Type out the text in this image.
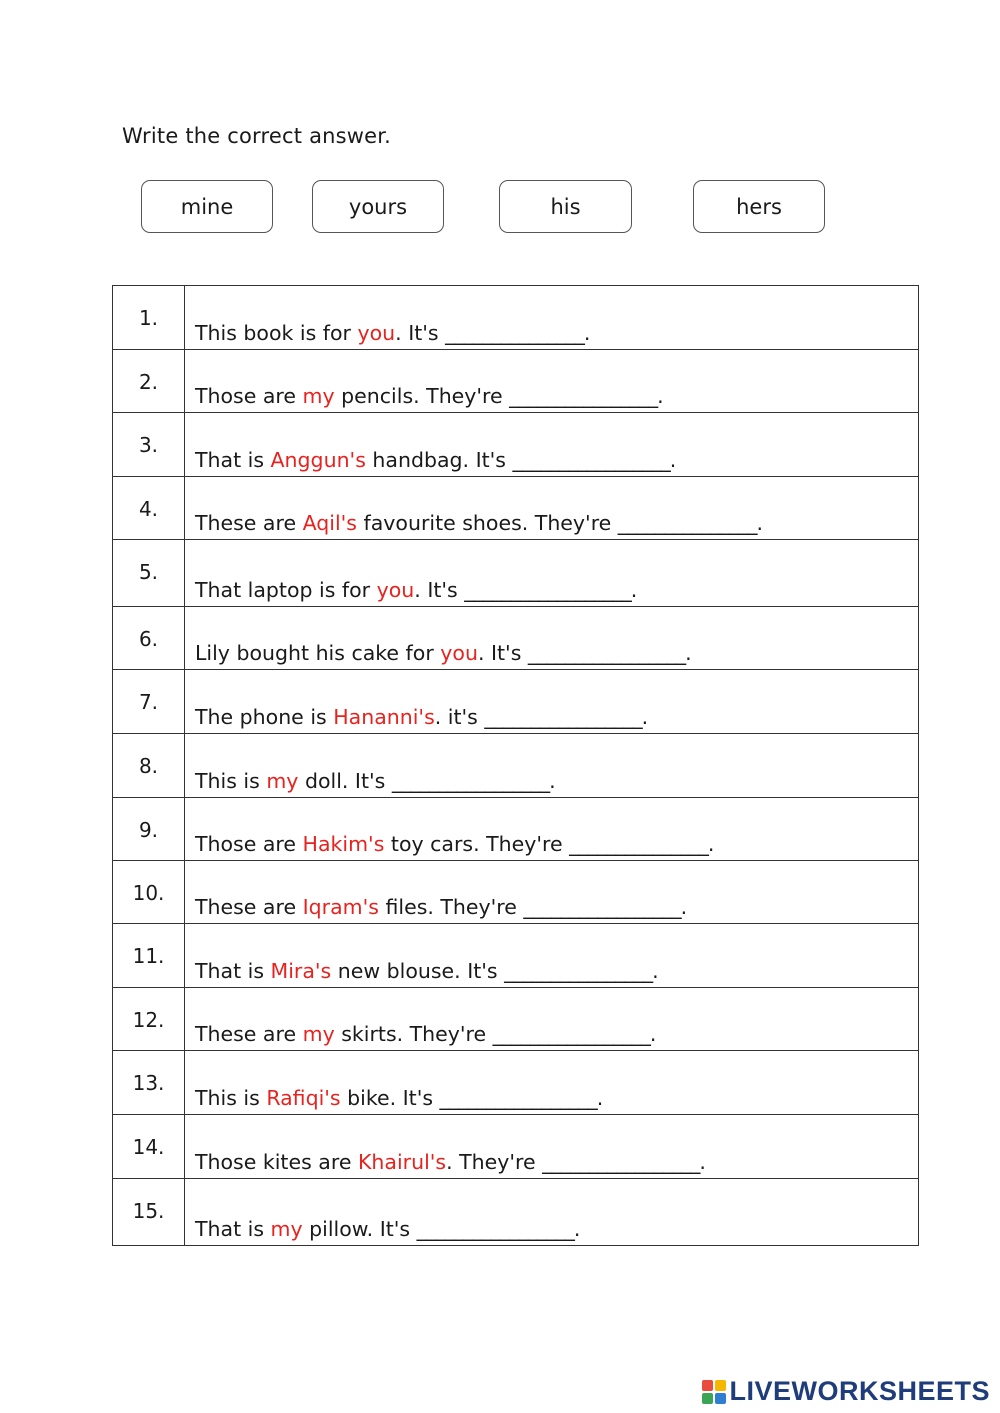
Write the correct answer.
mine	yours	his	hers
1.	This book is for you. It's _______________.
2.	Those are my pencils. They're ________________.
3.	That is Anggun's handbag. It's _________________.
4.	These are Aqil's favourite shoes. They're _______________.
5.	That laptop is for you. It's __________________.
6.	Lily bought his cake for you. It's _________________.
7.	The phone is Hananni's. it's _________________.
8.	This is my doll. It's _________________.
9.	Those are Hakim's toy cars. They're _______________.
10.	These are Iqram's files. They're _________________.
11.	That is Mira's new blouse. It's ________________.
12.	These are my skirts. They're _________________.
13.	This is Rafiqi's bike. It's _________________.
14.	Those kites are Khairul's. They're _________________.
15.	That is my pillow. It's _________________.
LIVEWORKSHEETS
